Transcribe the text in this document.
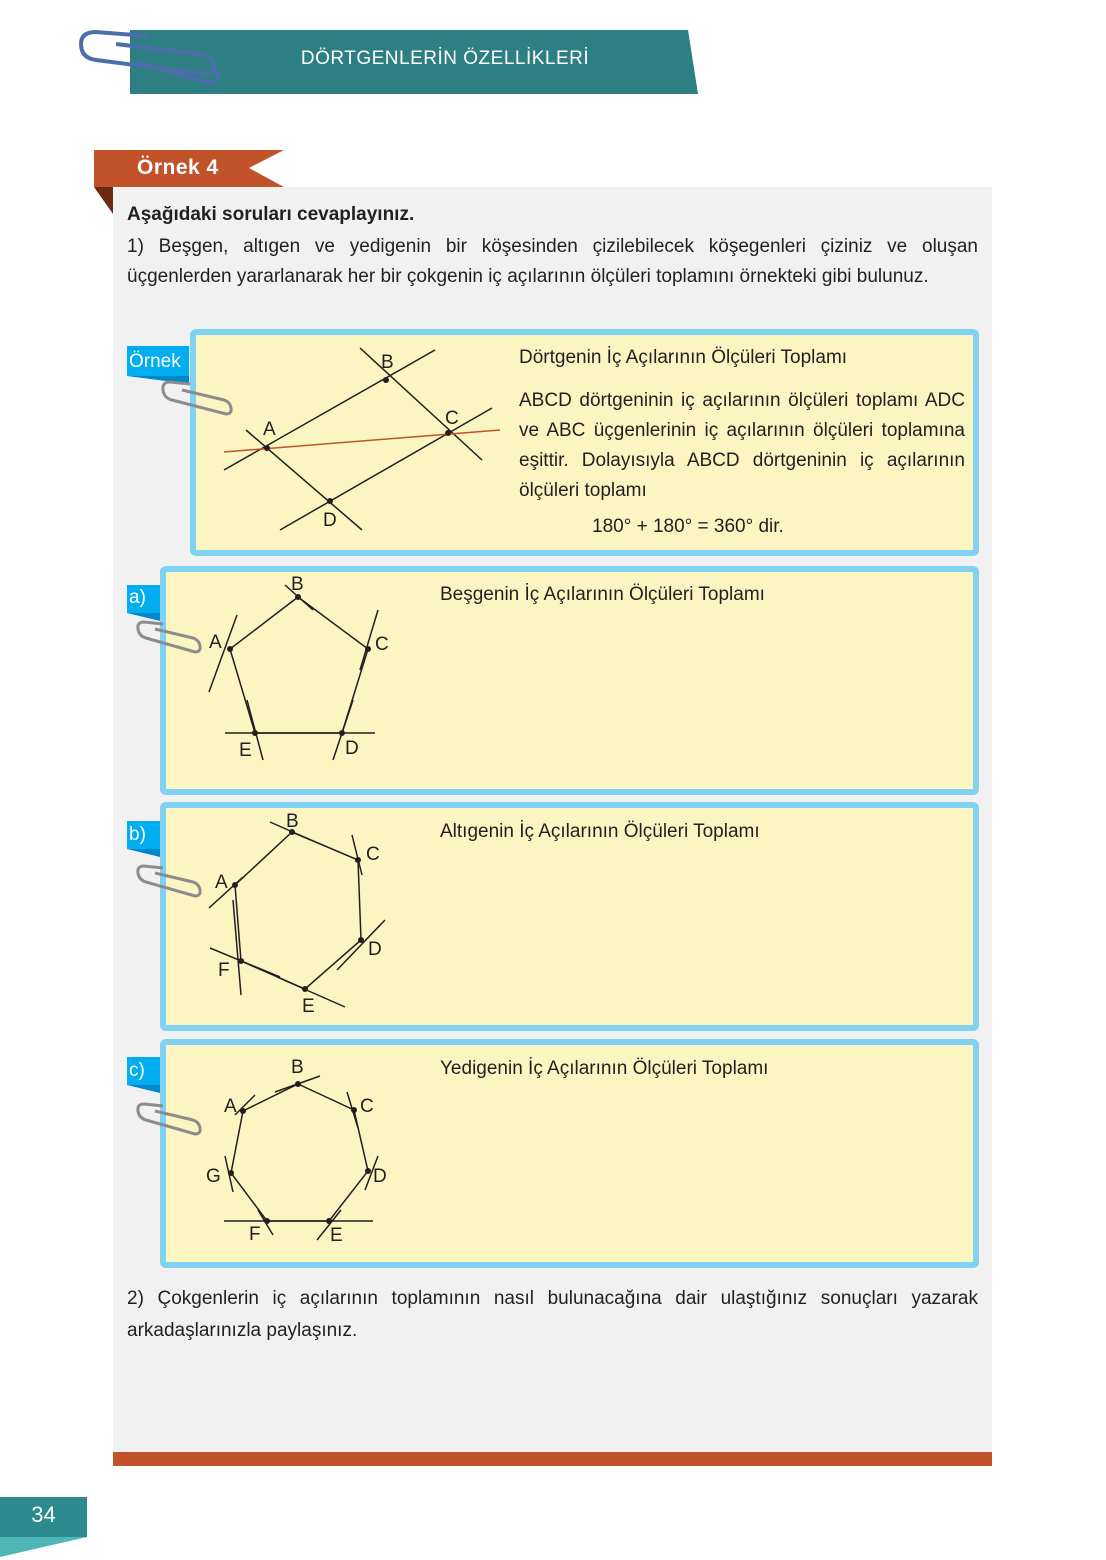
DÖRTGENLERİN ÖZELLİKLERİ
Örnek 4
Aşağıdaki soruları cevaplayınız.
1) Beşgen, altıgen ve yedigenin bir köşesinden çizilebilecek köşegenleri çiziniz ve oluşan üçgenlerden yararlanarak her bir çokgenin iç açılarının ölçüleri toplamını örnekteki gibi bulunuz.
Örnek
A
B
C
D
Dörtgenin İç Açılarının Ölçüleri Toplamı
ABCD dörtgeninin iç açılarının ölçüleri toplamı ADC ve ABC üçgenlerinin iç açılarının ölçüleri toplamına eşittir. Dolayısıyla ABCD dörtgeninin iç açılarının ölçüleri toplamı
180° + 180° = 360° dir.
a)
A
B
C
D
E
Beşgenin İç Açılarının Ölçüleri Toplamı
b)
A
B
C
D
E
F
Altıgenin İç Açılarının Ölçüleri Toplamı
c)
A
B
C
D
E
F
G
Yedigenin İç Açılarının Ölçüleri Toplamı
2) Çokgenlerin iç açılarının toplamının nasıl bulunacağına dair ulaştığınız sonuçları yazarak arkadaşlarınızla paylaşınız.
34
